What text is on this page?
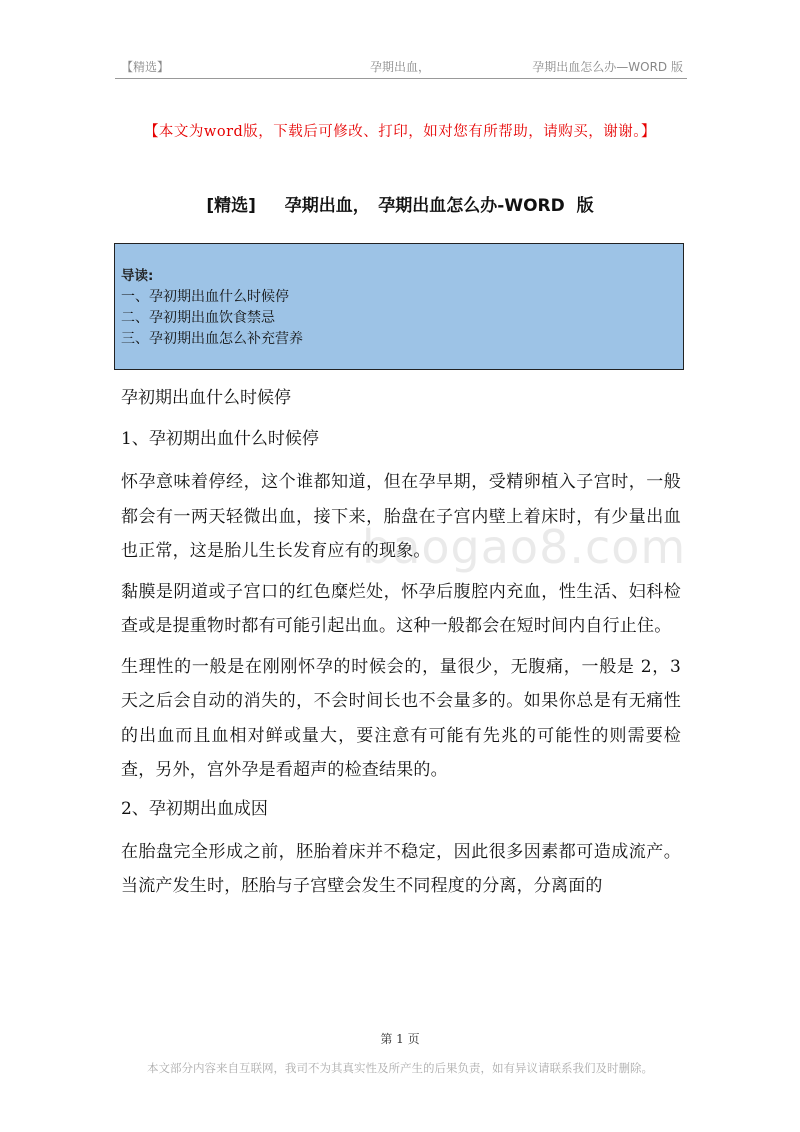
【精选】	孕期出血，	孕期出血怎么办—WORD 版
【本文为word版，下载后可修改、打印，如对您有所帮助，请购买，谢谢。】
[精选]　 孕期出血，　孕期出血怎么办-WORD 版
导读:
一、孕初期出血什么时候停
二、孕初期出血饮食禁忌
三、孕初期出血怎么补充营养
baogao8.com
孕初期出血什么时候停
1、孕初期出血什么时候停
怀孕意味着停经，这个谁都知道，但在孕早期，受精卵植入子宫时，一般都会有一两天轻微出血，接下来，胎盘在子宫内壁上着床时，有少量出血也正常，这是胎儿生长发育应有的现象。
黏膜是阴道或子宫口的红色糜烂处，怀孕后腹腔内充血，性生活、妇科检查或是提重物时都有可能引起出血。这种一般都会在短时间内自行止住。
生理性的一般是在刚刚怀孕的时候会的，量很少，无腹痛，一般是 2，3 天之后会自动的消失的，不会时间长也不会量多的。如果你总是有无痛性的出血而且血相对鲜或量大，要注意有可能有先兆的可能性的则需要检查，另外，宫外孕是看超声的检查结果的。
2、孕初期出血成因
在胎盘完全形成之前，胚胎着床并不稳定，因此很多因素都可造成流产。当流产发生时，胚胎与子宫壁会发生不同程度的分离，分离面的
第 1 页
本文部分内容来自互联网，我司不为其真实性及所产生的后果负责，如有异议请联系我们及时删除。
